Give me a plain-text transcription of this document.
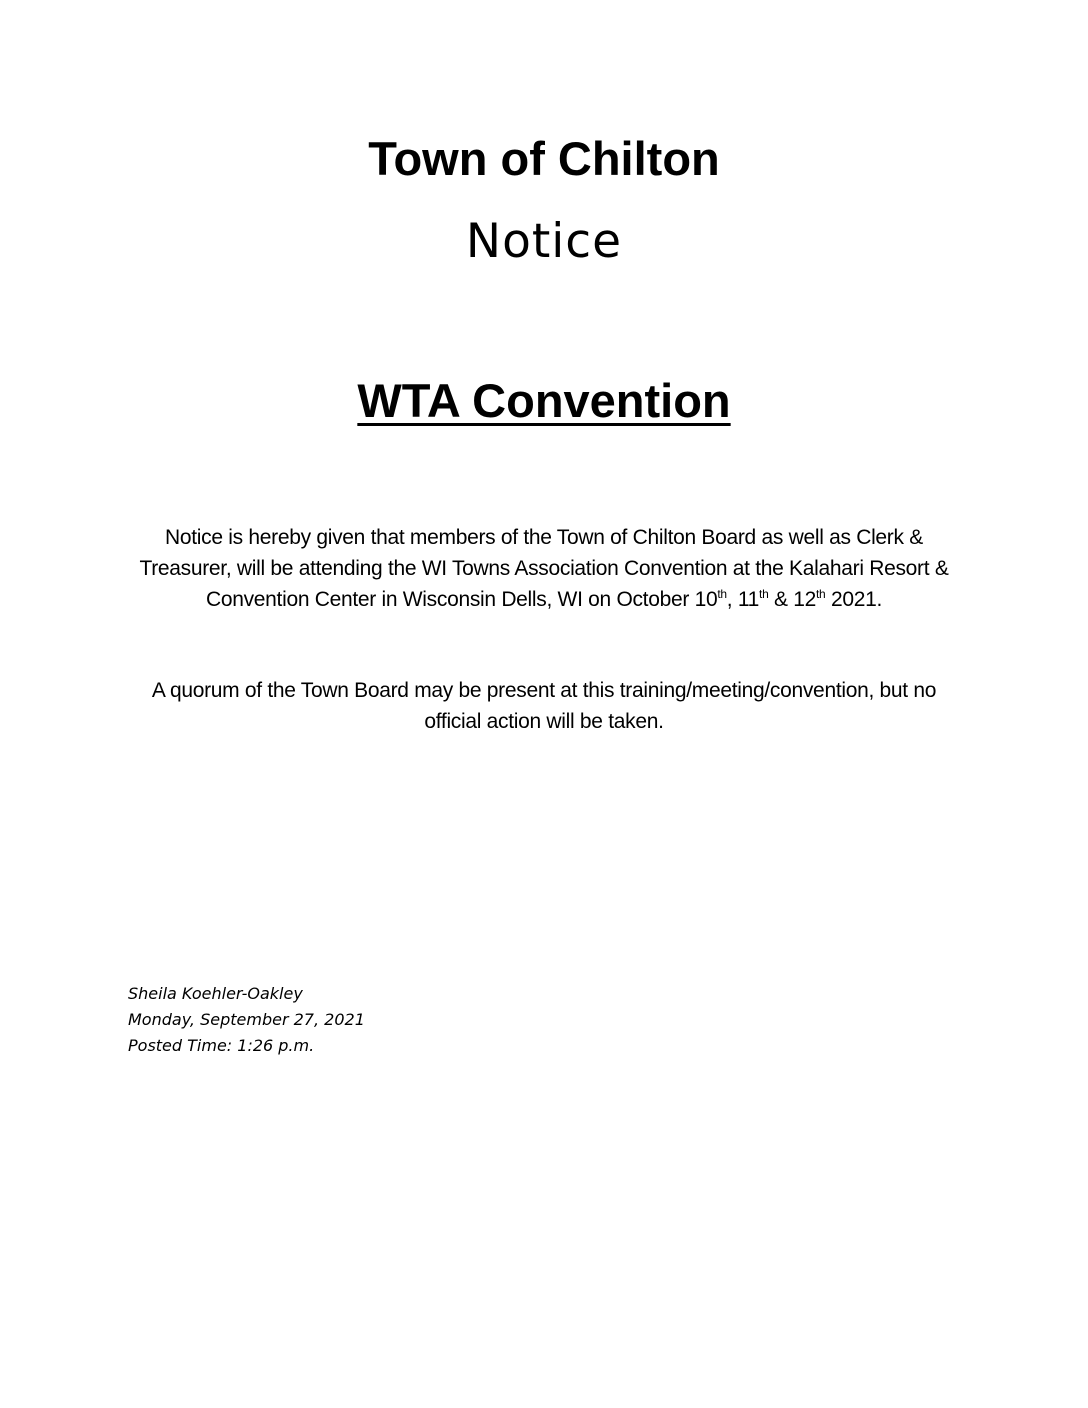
Town of Chilton
Notice
WTA Convention
Notice is hereby given that members of the Town of Chilton Board as well as Clerk &
Treasurer, will be attending the WI Towns Association Convention at the Kalahari Resort &
Convention Center in Wisconsin Dells, WI on October 10th, 11th & 12th 2021.
A quorum of the Town Board may be present at this training/meeting/convention, but no
official action will be taken.
Sheila Koehler-Oakley
Monday, September 27, 2021
Posted Time: 1:26 p.m.
